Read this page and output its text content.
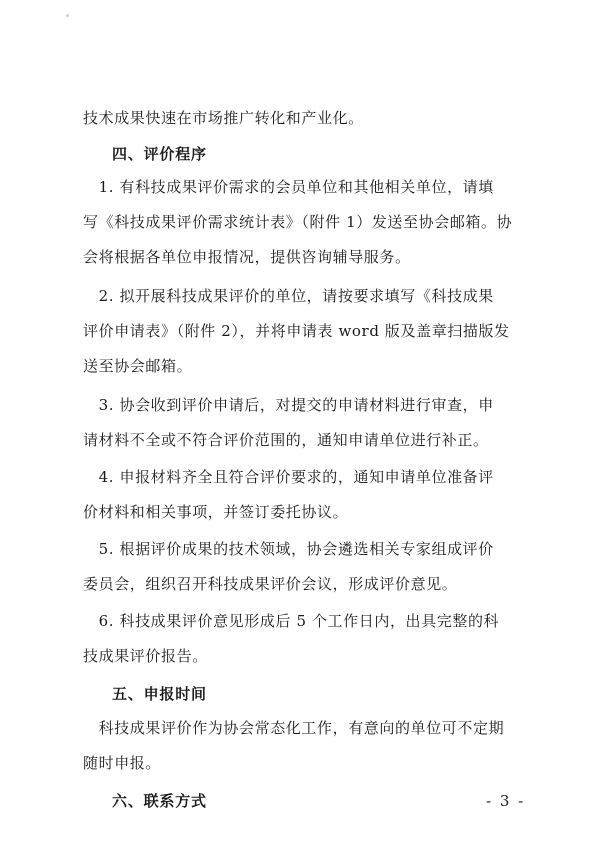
技术成果快速在市场推广转化和产业化。
四、评价程序
　1. 有科技成果评价需求的会员单位和其他相关单位，请填
写《科技成果评价需求统计表》（附件 1）发送至协会邮箱。协
会将根据各单位申报情况，提供咨询辅导服务。
　2. 拟开展科技成果评价的单位，请按要求填写《科技成果
评价申请表》（附件 2），并将申请表 word 版及盖章扫描版发
送至协会邮箱。
　3. 协会收到评价申请后，对提交的申请材料进行审查，申
请材料不全或不符合评价范围的，通知申请单位进行补正。
　4. 申报材料齐全且符合评价要求的，通知申请单位准备评
价材料和相关事项，并签订委托协议。
　5. 根据评价成果的技术领域，协会遴选相关专家组成评价
委员会，组织召开科技成果评价会议，形成评价意见。
　6. 科技成果评价意见形成后 5 个工作日内，出具完整的科
技成果评价报告。
五、申报时间
　科技成果评价作为协会常态化工作，有意向的单位可不定期
随时申报。
六、联系方式	- 3 -
